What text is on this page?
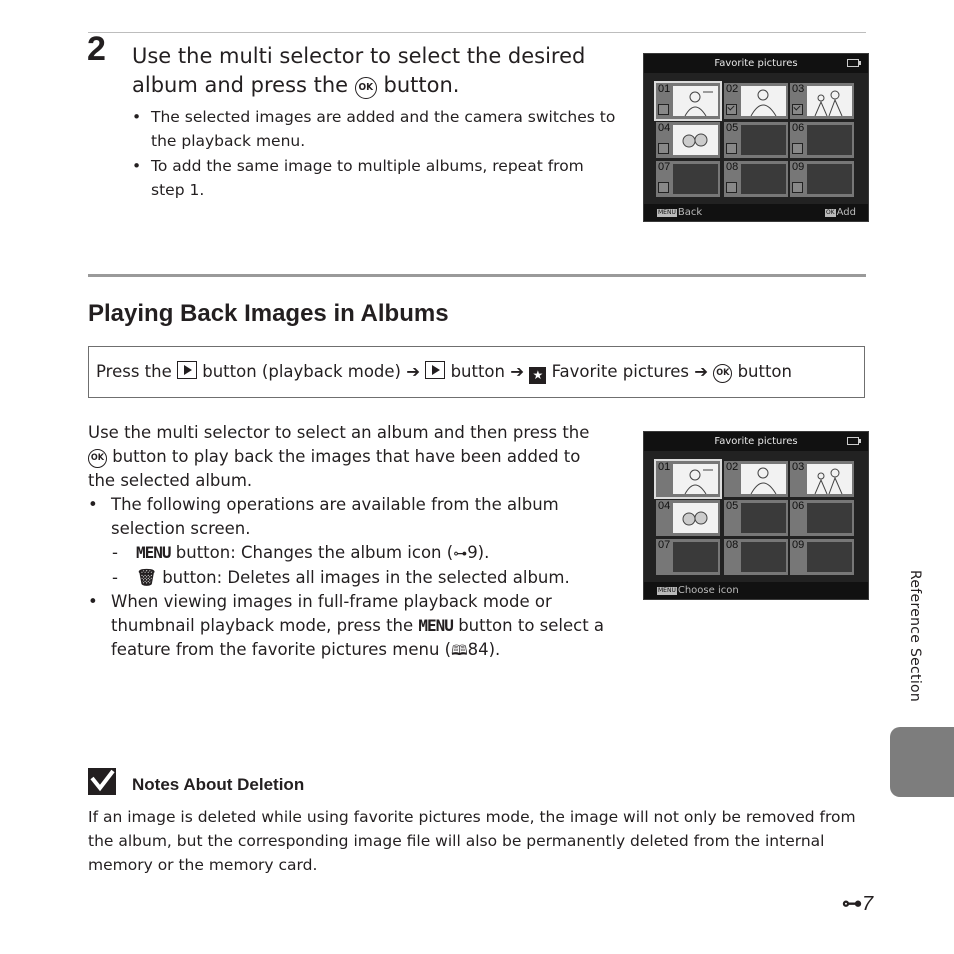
2 Use the multi selector to select the desired
album and press the OK button.
• The selected images are added and the camera switches to
the playback menu.
• To add the same image to multiple albums, repeat from
step 1.
Favorite pictures
01	02	03
04	05	06
07	08	09
MENU Back	OK Add
Playing Back Images in Albums
Press the button (playback mode) ➔ button ➔ ★ Favorite pictures ➔ OK button
Use the multi selector to select an album and then press the
OK button to play back the images that have been added to
the selected album.
• The following operations are available from the album
selection screen.
- MENU button: Changes the album icon (⊶9).
- 🗑 button: Deletes all images in the selected album.
• When viewing images in full-frame playback mode or
thumbnail playback mode, press the MENU button to select a
feature from the favorite pictures menu (🕮84).
Favorite pictures
01	02	03
04	05	06
07	08	09
MENU Choose icon	Reference Section
Notes About Deletion
If an image is deleted while using favorite pictures mode, the image will not only be removed from
the album, but the corresponding image file will also be permanently deleted from the internal
memory or the memory card.
⊶7
